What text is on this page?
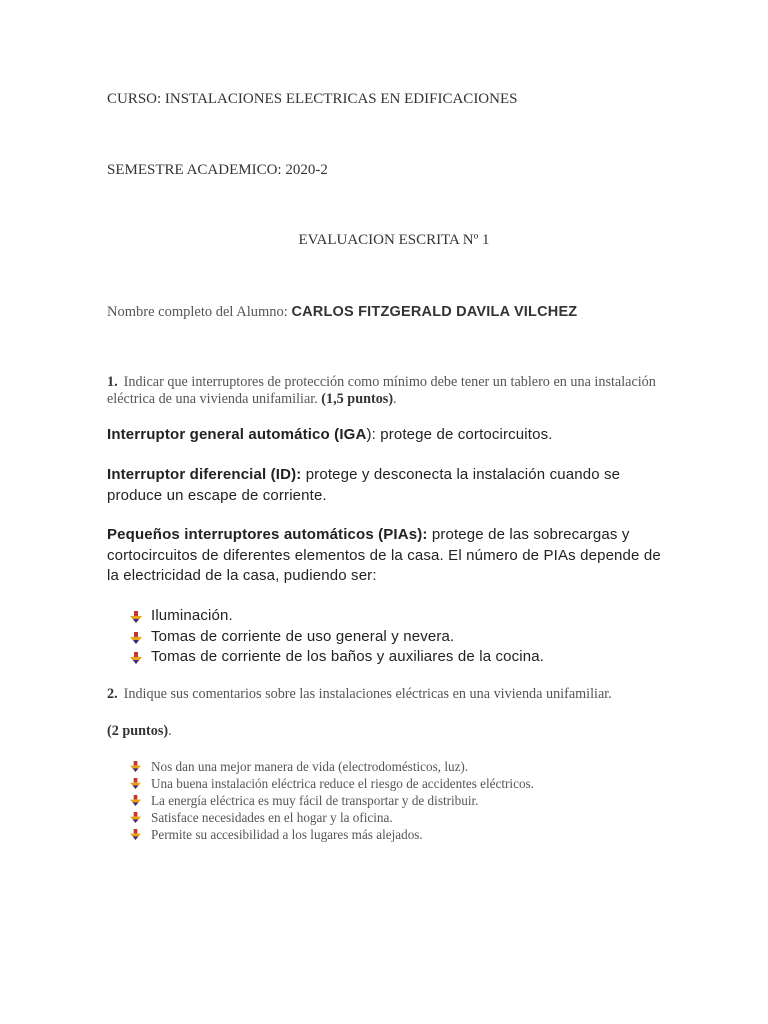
CURSO: INSTALACIONES ELECTRICAS EN EDIFICACIONES
SEMESTRE ACADEMICO: 2020-2
EVALUACION ESCRITA Nº 1
Nombre completo del Alumno: CARLOS FITZGERALD DAVILA VILCHEZ
1. Indicar que interruptores de protección como mínimo debe tener un tablero en una instalación eléctrica de una vivienda unifamiliar. (1,5 puntos).
Interruptor general automático (IGA): protege de cortocircuitos.
Interruptor diferencial (ID): protege y desconecta la instalación cuando se produce un escape de corriente.
Pequeños interruptores automáticos (PIAs): protege de las sobrecargas y cortocircuitos de diferentes elementos de la casa. El número de PIAs depende de la electricidad de la casa, pudiendo ser:
Iluminación.
Tomas de corriente de uso general y nevera.
Tomas de corriente de los baños y auxiliares de la cocina.
2. Indique sus comentarios sobre las instalaciones eléctricas en una vivienda unifamiliar.
(2 puntos).
Nos dan una mejor manera de vida (electrodomésticos, luz).
Una buena instalación eléctrica reduce el riesgo de accidentes eléctricos.
La energía eléctrica es muy fácil de transportar y de distribuir.
Satisface necesidades en el hogar y la oficina.
Permite su accesibilidad a los lugares más alejados.
